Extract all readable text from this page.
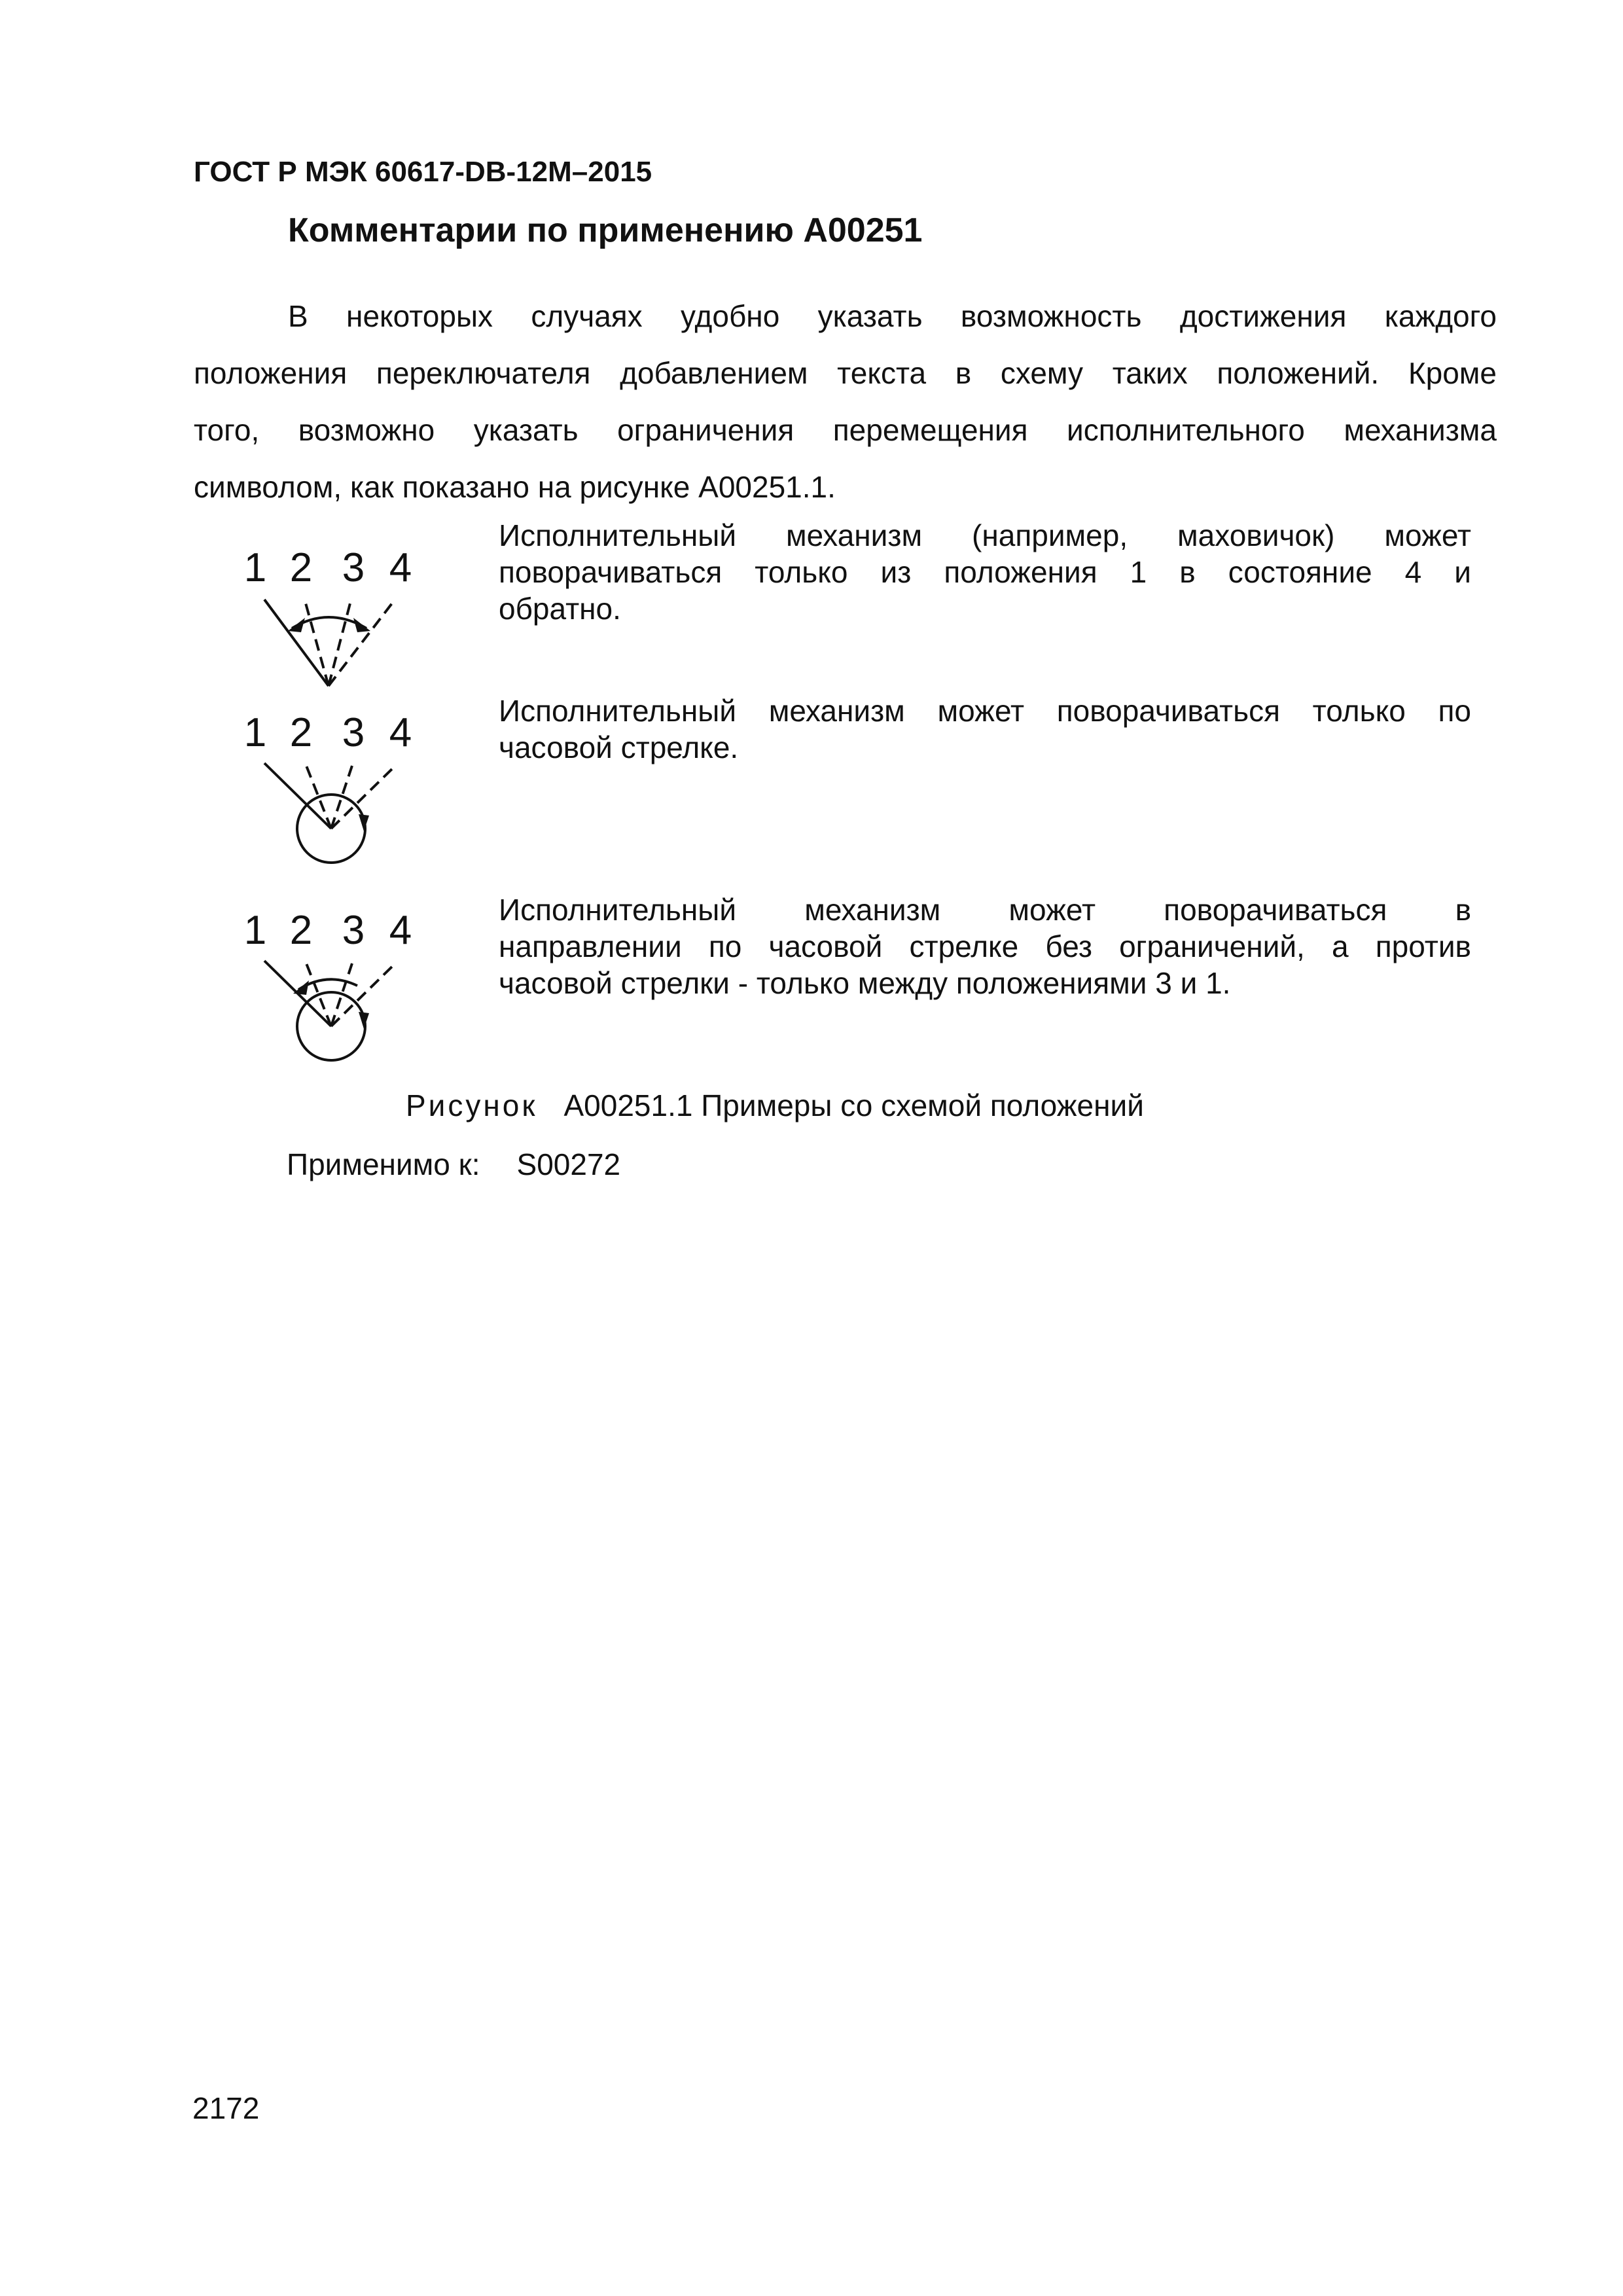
ГОСТ Р МЭК 60617-DB-12M–2015
Комментарии по применению A00251
В некоторых случаях удобно указать возможность достижения каждого
положения переключателя добавлением текста в схему таких положений. Кроме
того, возможно указать ограничения перемещения исполнительного механизма
символом, как показано на рисунке A00251.1.
1 2 3 4
Исполнительный механизм (например, маховичок) может
поворачиваться только из положения 1 в состояние 4 и
обратно.
1 2 3 4	Исполнительный механизм может поворачиваться только по
часовой стрелке.
1 2 3 4	Исполнительный механизм может поворачиваться в
направлении по часовой стрелке без ограничений, а против
часовой стрелки - только между положениями 3 и 1.
Рисунок A00251.1 Примеры со схемой положений
Применимо к: S00272
2172
